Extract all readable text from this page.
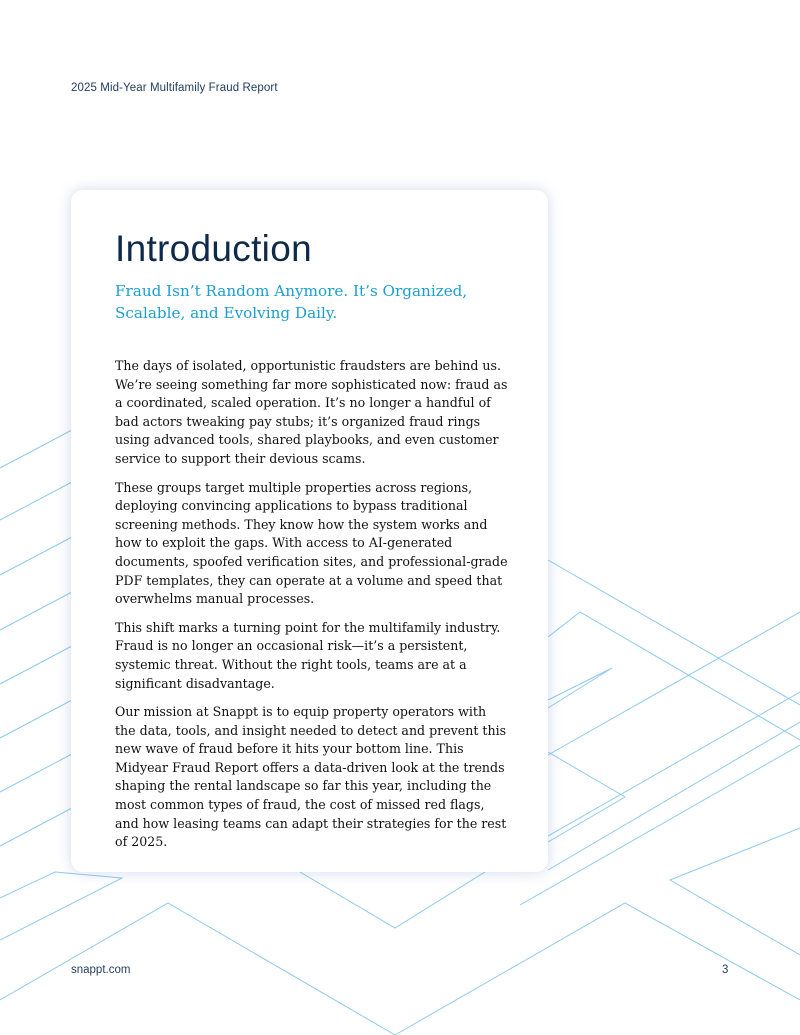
2025 Mid-Year Multifamily Fraud Report
Introduction
Fraud Isn’t Random Anymore. It’s Organized, Scalable, and Evolving Daily.

The days of isolated, opportunistic fraudsters are behind us. We’re seeing something far more sophisticated now: fraud as a coordinated, scaled operation. It’s no longer a handful of bad actors tweaking pay stubs; it’s organized fraud rings using advanced tools, shared playbooks, and even customer service to support their devious scams.

These groups target multiple properties across regions, deploying convincing applications to bypass traditional screening methods. They know how the system works and how to exploit the gaps. With access to AI-generated documents, spoofed verification sites, and professional-grade PDF templates, they can operate at a volume and speed that overwhelms manual processes.

This shift marks a turning point for the multifamily industry. Fraud is no longer an occasional risk—it’s a persistent, systemic threat. Without the right tools, teams are at a significant disadvantage.

Our mission at Snappt is to equip property operators with the data, tools, and insight needed to detect and prevent this new wave of fraud before it hits your bottom line. This Midyear Fraud Report offers a data-driven look at the trends shaping the rental landscape so far this year, including the most common types of fraud, the cost of missed red flags, and how leasing teams can adapt their strategies for the rest of 2025.

snappt.com	3
